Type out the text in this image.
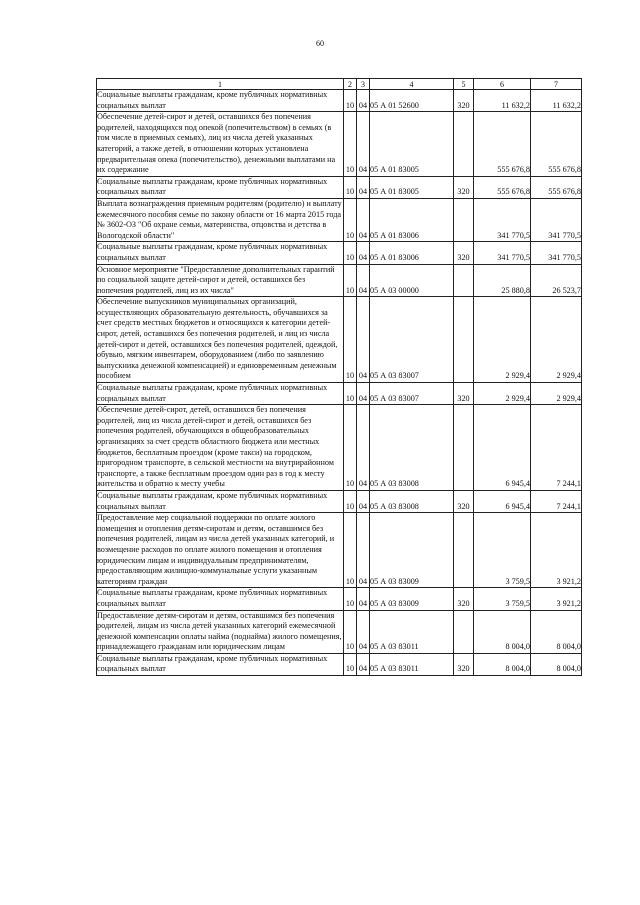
60
1	2	3	4	5	6	7
Социальные выплаты гражданам, кроме публичных нормативных социальных выплат	10	04	05 А 01 52600	320	11 632,2	11 632,2
Обеспечение детей-сирот и детей, оставшихся без попечения родителей, находящихся под опекой (попечительством) в семьях (в том числе в приемных семьях), лиц из числа детей указанных категорий, а также детей, в отношении которых установлена предварительная опека (попечительство), денежными выплатами на их содержание	10	04	05 А 01 83005		555 676,8	555 676,8
Социальные выплаты гражданам, кроме публичных нормативных социальных выплат	10	04	05 А 01 83005	320	555 676,8	555 676,8
Выплата вознаграждения приемным родителям (родителю) и выплату ежемесячного пособия семье по закону области от 16 марта 2015 года № 3602-ОЗ "Об охране семьи, материнства, отцовства и детства в Вологодской области"	10	04	05 А 01 83006		341 770,5	341 770,5
Социальные выплаты гражданам, кроме публичных нормативных социальных выплат	10	04	05 А 01 83006	320	341 770,5	341 770,5
Основное мероприятие "Предоставление дополнительных гарантий по социальной защите детей-сирот и детей, оставшихся без попечения родителей, лиц из их числа"	10	04	05 А 03 00000		25 880,8	26 523,7
Обеспечение выпускников муниципальных организаций, осуществляющих образовательную деятельность, обучавшихся за счет средств местных бюджетов и относящихся к категории детей-сирот, детей, оставшихся без попечения родителей, и лиц из числа детей-сирот и детей, оставшихся без попечения родителей, одеждой, обувью, мягким инвентарем, оборудованием (либо по заявлению выпускника денежной компенсацией) и единовременным денежным пособием	10	04	05 А 03 83007		2 929,4	2 929,4
Социальные выплаты гражданам, кроме публичных нормативных социальных выплат	10	04	05 А 03 83007	320	2 929,4	2 929,4
Обеспечение детей-сирот, детей, оставшихся без попечения родителей, лиц из числа детей-сирот и детей, оставшихся без попечения родителей, обучающихся в общеобразовательных организациях за счет средств областного бюджета или местных бюджетов, бесплатным проездом (кроме такси) на городском, пригородном транспорте, в сельской местности на внутрирайонном транспорте, а также бесплатным проездом один раз в год к месту жительства и обратно к месту учебы	10	04	05 А 03 83008		6 945,4	7 244,1
Социальные выплаты гражданам, кроме публичных нормативных социальных выплат	10	04	05 А 03 83008	320	6 945,4	7 244,1
Предоставление мер социальной поддержки по оплате жилого помещения и отопления детям-сиротам и детям, оставшимся без попечения родителей, лицам из числа детей указанных категорий, и возмещение расходов по оплате жилого помещения и отопления юридическим лицам и индивидуальным предпринимателям, предоставляющим жилищно-коммунальные услуги указанным категориям граждан	10	04	05 А 03 83009		3 759,5	3 921,2
Социальные выплаты гражданам, кроме публичных нормативных социальных выплат	10	04	05 А 03 83009	320	3 759,5	3 921,2
Предоставление детям-сиротам и детям, оставшимся без попечения родителей, лицам из числа детей указанных категорий ежемесячной денежной компенсации оплаты найма (поднайма) жилого помещения, принадлежащего гражданам или юридическим лицам	10	04	05 А 03 83011		8 004,0	8 004,0
Социальные выплаты гражданам, кроме публичных нормативных социальных выплат	10	04	05 А 03 83011	320	8 004,0	8 004,0
